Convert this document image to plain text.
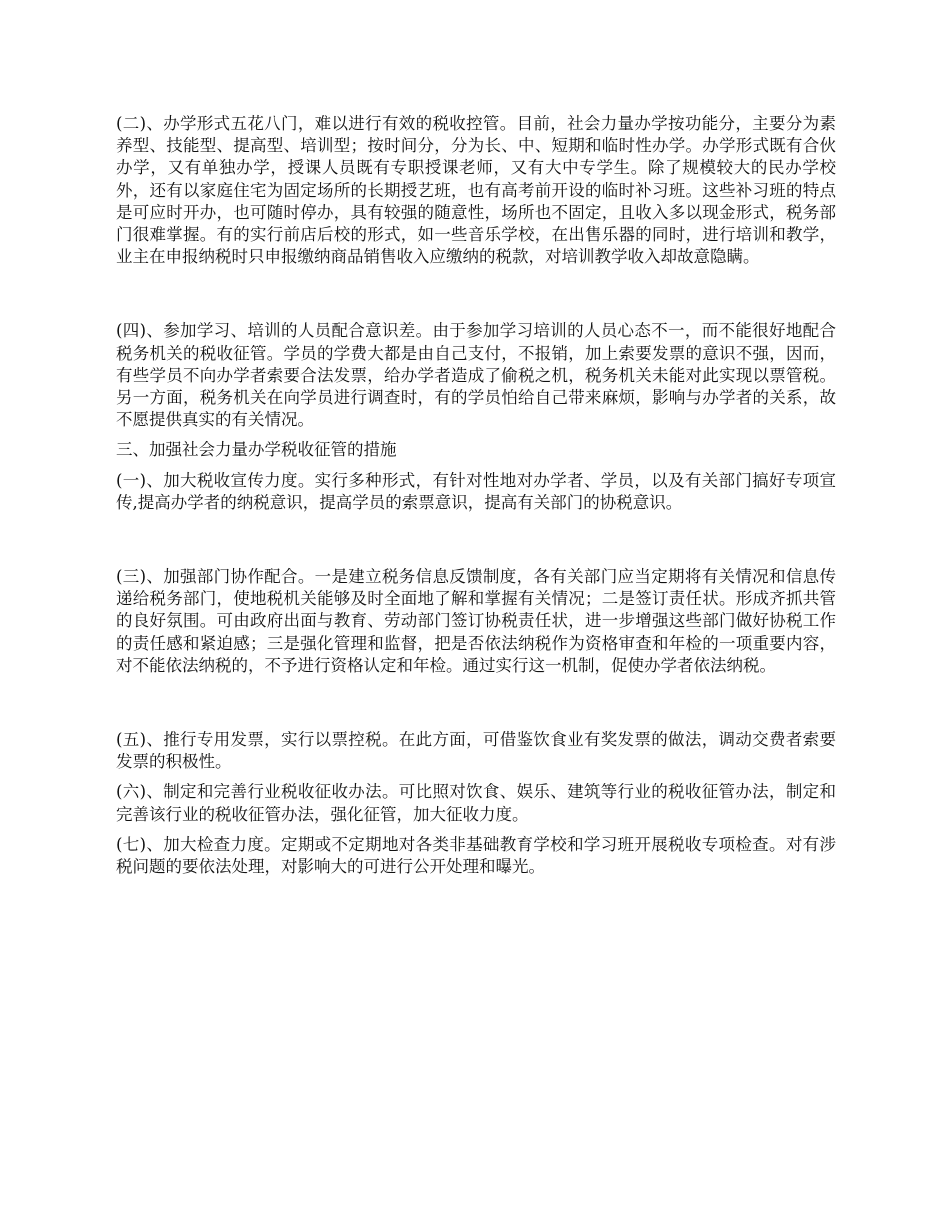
(二)、办学形式五花八门，难以进行有效的税收控管。目前，社会力量办学按功能分，主要分为素养型、技能型、提高型、培训型；按时间分，分为长、中、短期和临时性办学。办学形式既有合伙办学，又有单独办学，授课人员既有专职授课老师，又有大中专学生。除了规模较大的民办学校外，还有以家庭住宅为固定场所的长期授艺班，也有高考前开设的临时补习班。这些补习班的特点是可应时开办，也可随时停办，具有较强的随意性，场所也不固定，且收入多以现金形式，税务部门很难掌握。有的实行前店后校的形式，如一些音乐学校，在出售乐器的同时，进行培训和教学，业主在申报纳税时只申报缴纳商品销售收入应缴纳的税款，对培训教学收入却故意隐瞒。

(四)、参加学习、培训的人员配合意识差。由于参加学习培训的人员心态不一，而不能很好地配合税务机关的税收征管。学员的学费大都是由自己支付，不报销，加上索要发票的意识不强，因而，有些学员不向办学者索要合法发票，给办学者造成了偷税之机，税务机关未能对此实现以票管税。另一方面，税务机关在向学员进行调查时，有的学员怕给自己带来麻烦，影响与办学者的关系，故不愿提供真实的有关情况。

三、加强社会力量办学税收征管的措施

(一)、加大税收宣传力度。实行多种形式，有针对性地对办学者、学员，以及有关部门搞好专项宣传,提高办学者的纳税意识，提高学员的索票意识，提高有关部门的协税意识。

(三)、加强部门协作配合。一是建立税务信息反馈制度，各有关部门应当定期将有关情况和信息传递给税务部门，使地税机关能够及时全面地了解和掌握有关情况；二是签订责任状。形成齐抓共管的良好氛围。可由政府出面与教育、劳动部门签订协税责任状，进一步增强这些部门做好协税工作的责任感和紧迫感；三是强化管理和监督，把是否依法纳税作为资格审查和年检的一项重要内容，对不能依法纳税的，不予进行资格认定和年检。通过实行这一机制，促使办学者依法纳税。

(五)、推行专用发票，实行以票控税。在此方面，可借鉴饮食业有奖发票的做法，调动交费者索要发票的积极性。

(六)、制定和完善行业税收征收办法。可比照对饮食、娱乐、建筑等行业的税收征管办法，制定和完善该行业的税收征管办法，强化征管，加大征收力度。

(七)、加大检查力度。定期或不定期地对各类非基础教育学校和学习班开展税收专项检查。对有涉税问题的要依法处理，对影响大的可进行公开处理和曝光。
